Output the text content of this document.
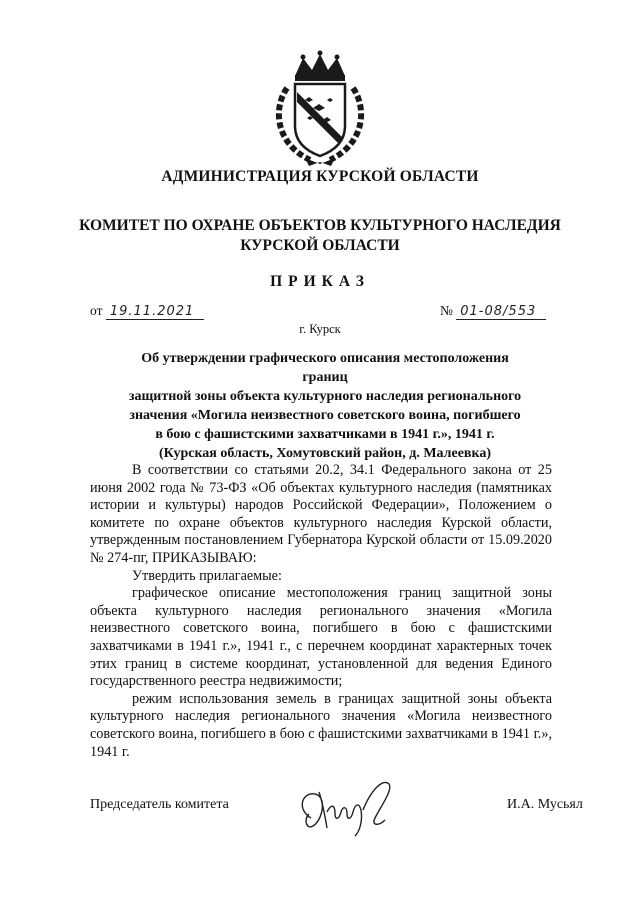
АДМИНИСТРАЦИЯ КУРСКОЙ ОБЛАСТИ
КОМИТЕТ ПО ОХРАНЕ ОБЪЕКТОВ КУЛЬТУРНОГО НАСЛЕДИЯ
КУРСКОЙ ОБЛАСТИ
ПРИКАЗ
от 19.11.2021	№ 01-08/553
г. Курск
Об утверждении графического описания местоположения границ
защитной зоны объекта культурного наследия регионального
значения «Могила неизвестного советского воина, погибшего
в бою с фашистскими захватчиками в 1941 г.», 1941 г.
(Курская область, Хомутовский район, д. Малеевка)

В соответствии со статьями 20.2, 34.1 Федерального закона от 25 июня 2002 года № 73-ФЗ «Об объектах культурного наследия (памятниках истории и культуры) народов Российской Федерации», Положением о комитете по охране объектов культурного наследия Курской области, утвержденным постановлением Губернатора Курской области от 15.09.2020 № 274-пг, ПРИКАЗЫВАЮ:

Утвердить прилагаемые:

графическое описание местоположения границ защитной зоны объекта культурного наследия регионального значения «Могила неизвестного советского воина, погибшего в бою с фашистскими захватчиками в 1941 г.», 1941 г., с перечнем координат характерных точек этих границ в системе координат, установленной для ведения Единого государственного реестра недвижимости;

режим использования земель в границах защитной зоны объекта культурного наследия регионального значения «Могила неизвестного советского воина, погибшего в бою с фашистскими захватчиками в 1941 г.», 1941 г.

Председатель комитета	И.А. Мусьял
